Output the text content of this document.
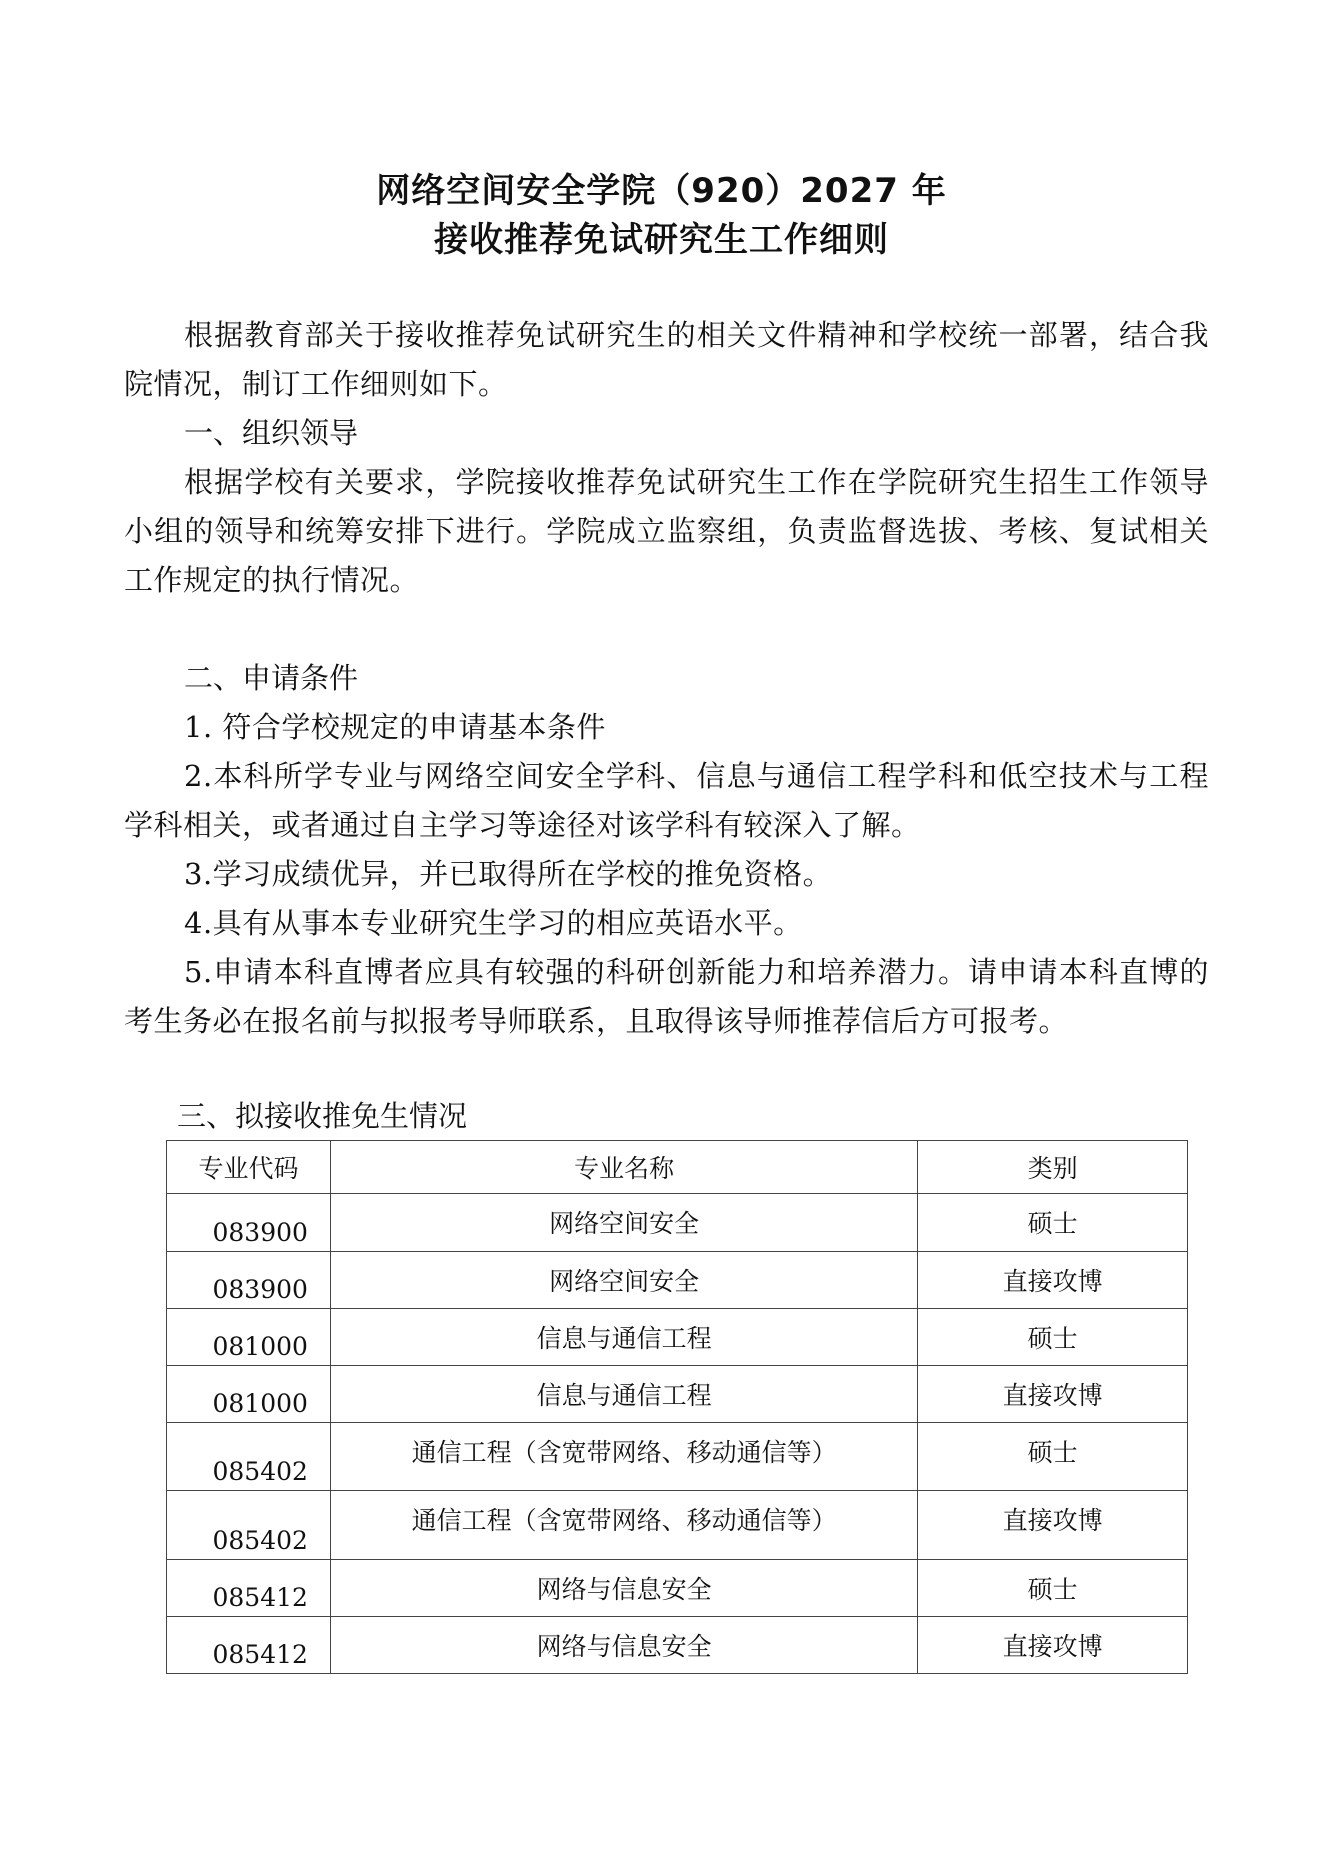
网络空间安全学院（920）2027 年
接收推荐免试研究生工作细则

根据教育部关于接收推荐免试研究生的相关文件精神和学校统一部署，结合我院情况，制订工作细则如下。

一、组织领导

根据学校有关要求，学院接收推荐免试研究生工作在学院研究生招生工作领导小组的领导和统筹安排下进行。学院成立监察组，负责监督选拔、考核、复试相关工作规定的执行情况。

二、申请条件

1. 符合学校规定的申请基本条件

2.本科所学专业与网络空间安全学科、信息与通信工程学科和低空技术与工程学科相关，或者通过自主学习等途径对该学科有较深入了解。

3.学习成绩优异，并已取得所在学校的推免资格。

4.具有从事本专业研究生学习的相应英语水平。

5.申请本科直博者应具有较强的科研创新能力和培养潜力。请申请本科直博的考生务必在报名前与拟报考导师联系，且取得该导师推荐信后方可报考。

三、拟接收推免生情况

专业代码	专业名称	类别
083900	网络空间安全	硕士
083900	网络空间安全	直接攻博
081000	信息与通信工程	硕士
081000	信息与通信工程	直接攻博
085402	通信工程（含宽带网络、移动通信等）	硕士
085402	通信工程（含宽带网络、移动通信等）	直接攻博
085412	网络与信息安全	硕士
085412	网络与信息安全	直接攻博
